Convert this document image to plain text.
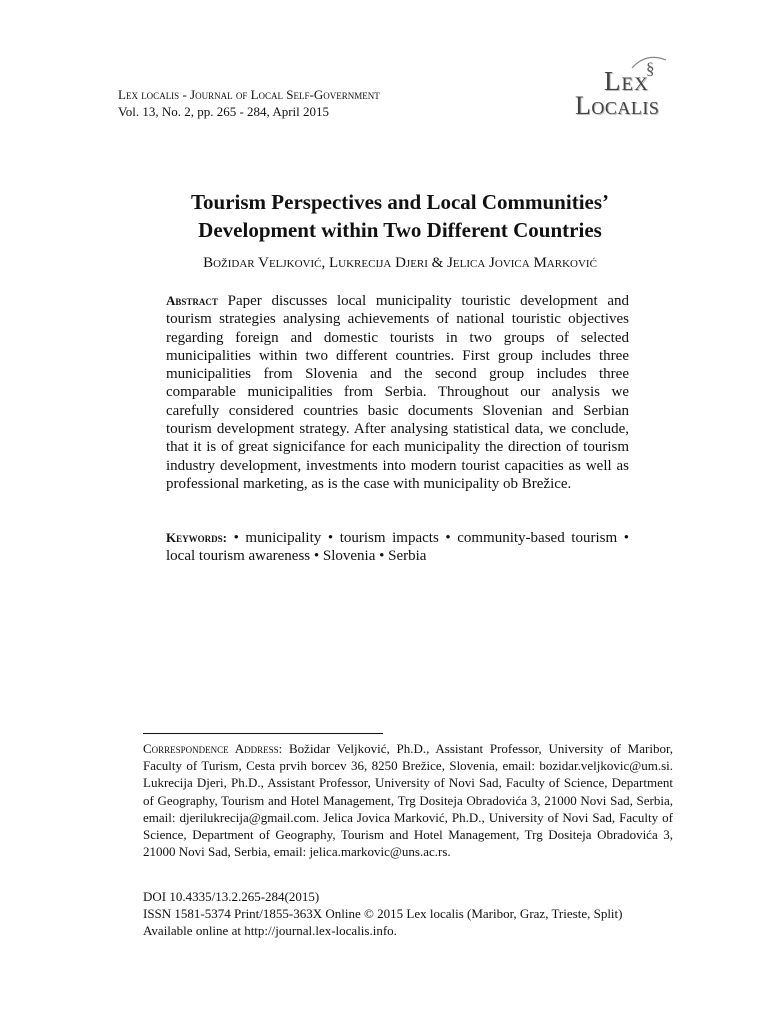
Lex localis - Journal of Local Self-Government
Vol. 13, No. 2, pp. 265 - 284, April 2015
§
Lex
Localis
Tourism Perspectives and Local Communities’
Development within Two Different Countries
Božidar Veljković, Lukrecija Djeri & Jelica Jovica Marković
Abstract Paper discusses local municipality touristic development and tourism strategies analysing achievements of national touristic objectives regarding foreign and domestic tourists in two groups of selected municipalities within two different countries. First group includes three municipalities from Slovenia and the second group includes three comparable municipalities from Serbia. Throughout our analysis we carefully considered countries basic documents Slovenian and Serbian tourism development strategy. After analysing statistical data, we conclude, that it is of great signicifance for each municipality the direction of tourism industry development, investments into modern tourist capacities as well as professional marketing, as is the case with municipality ob Brežice.
Keywords: • municipality • tourism impacts • community-based tourism • local tourism awareness • Slovenia • Serbia
Correspondence Address: Božidar Veljković, Ph.D., Assistant Professor, University of Maribor, Faculty of Turism, Cesta prvih borcev 36, 8250 Brežice, Slovenia, email: bozidar.veljkovic@um.si. Lukrecija Djeri, Ph.D., Assistant Professor, University of Novi Sad, Faculty of Science, Department of Geography, Tourism and Hotel Management, Trg Dositeja Obradovića 3, 21000 Novi Sad, Serbia, email: djerilukrecija@gmail.com. Jelica Jovica Marković, Ph.D., University of Novi Sad, Faculty of Science, Department of Geography, Tourism and Hotel Management, Trg Dositeja Obradovića 3, 21000 Novi Sad, Serbia, email: jelica.markovic@uns.ac.rs.
DOI 10.4335/13.2.265-284(2015)
ISSN 1581-5374 Print/1855-363X Online © 2015 Lex localis (Maribor, Graz, Trieste, Split)
Available online at http://journal.lex-localis.info.
